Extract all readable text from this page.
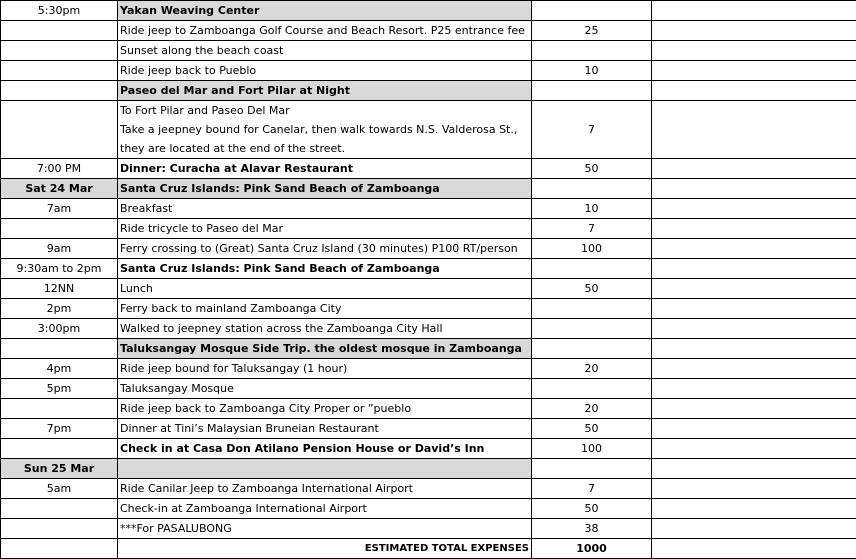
5:30pm	Yakan Weaving Center		
	Ride jeep to Zamboanga Golf Course and Beach Resort. P25 entrance fee	25	
	Sunset along the beach coast		
	Ride jeep back to Pueblo	10	
	Paseo del Mar and Fort Pilar at Night		

	To Fort Pilar and Paseo Del Mar
Take a jeepney bound for Canelar, then walk towards N.S. Valderosa St.,
they are located at the end of the street.	7	
7:00 PM	Dinner: Curacha at Alavar Restaurant	50	
Sat 24 Mar	Santa Cruz Islands: Pink Sand Beach of Zamboanga		
7am	Breakfast	10	
	Ride tricycle to Paseo del Mar	7	
9am	Ferry crossing to (Great) Santa Cruz Island (30 minutes) P100 RT/person	100	
9:30am to 2pm	Santa Cruz Islands: Pink Sand Beach of Zamboanga		
12NN	Lunch	50	
2pm	Ferry back to mainland Zamboanga City		
3:00pm	Walked to jeepney station across the Zamboanga City Hall		
	Taluksangay Mosque Side Trip. the oldest mosque in Zamboanga		
4pm	Ride jeep bound for Taluksangay (1 hour)	20	
5pm	Taluksangay Mosque		
	Ride jeep back to Zamboanga City Proper or ”pueblo	20	
7pm	Dinner at Tini’s Malaysian Bruneian Restaurant	50	
	Check in at Casa Don Atilano Pension House or David’s Inn	100	
Sun 25 Mar			
5am	Ride Canilar Jeep to Zamboanga International Airport	7	
	Check-in at Zamboanga International Airport	50	
	***For PASALUBONG	38	
	ESTIMATED TOTAL EXPENSES	1000	
